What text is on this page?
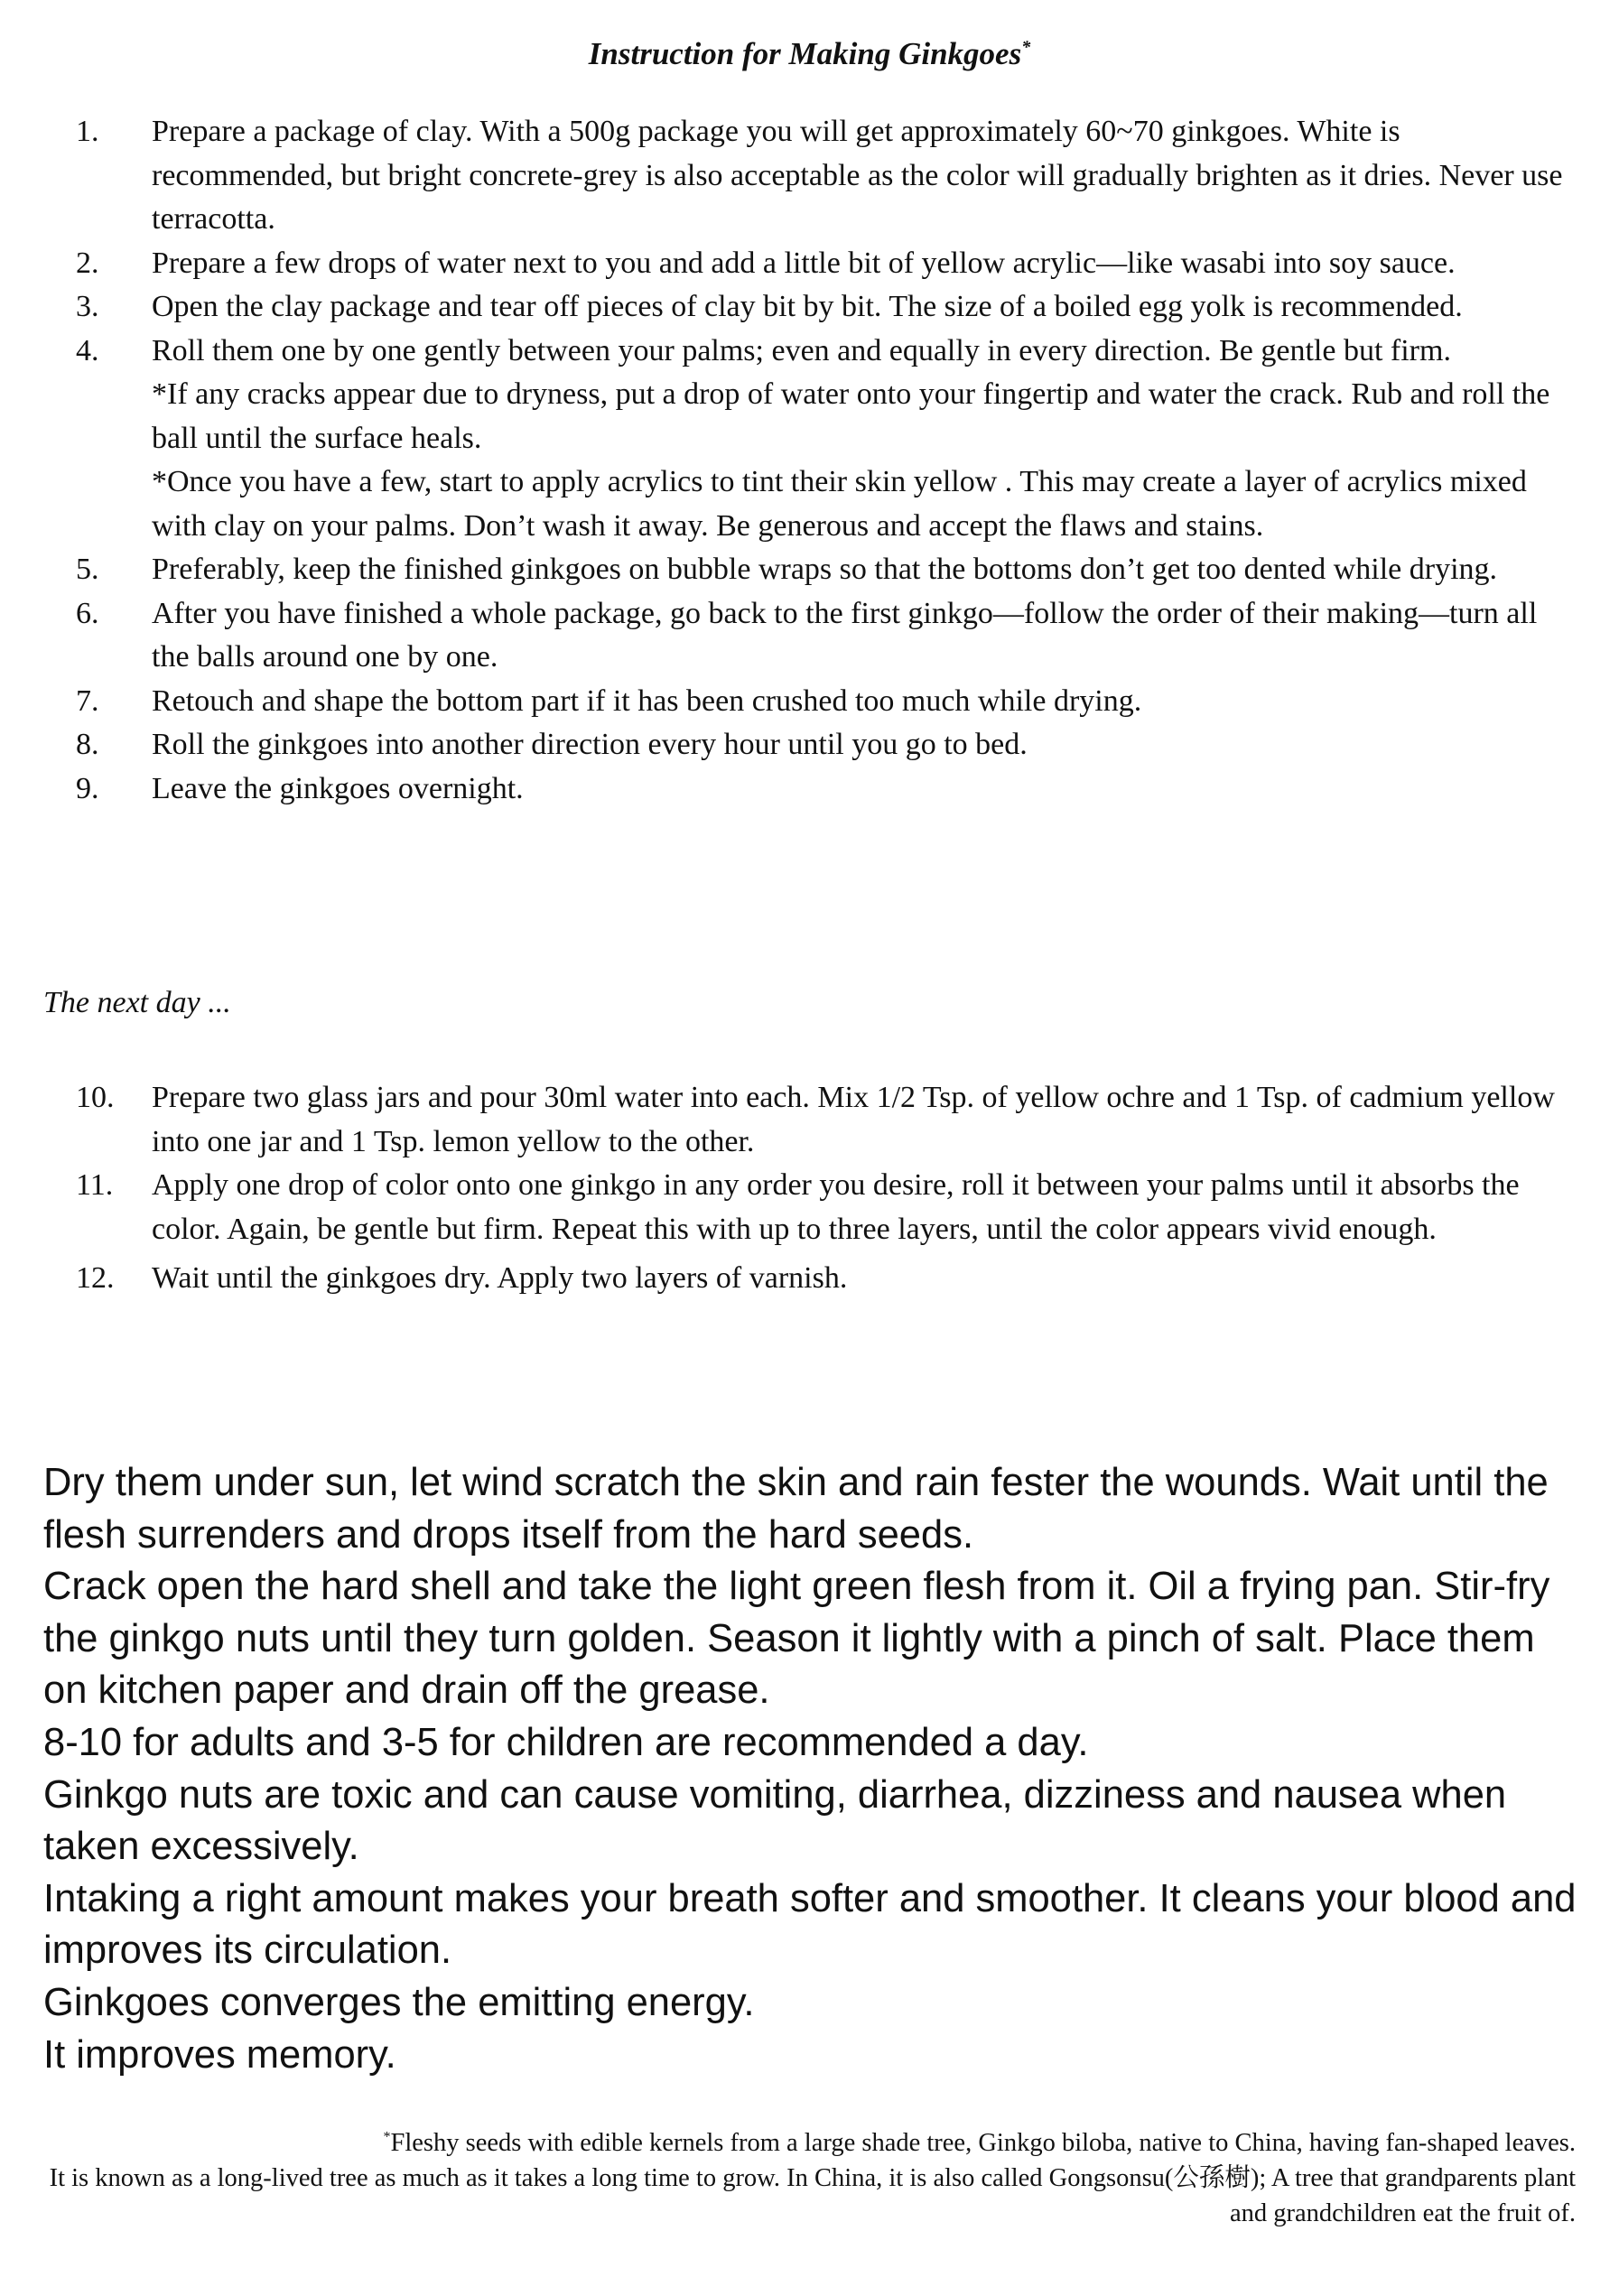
Instruction for Making Ginkgoes*
1. Prepare a package of clay. With a 500g package you will get approximately 60~70 ginkgoes. White is recommended, but bright concrete-grey is also acceptable as the color will gradually brighten as it dries. Never use terracotta.
2. Prepare a few drops of water next to you and add a little bit of yellow acrylic—like wasabi into soy sauce.
3. Open the clay package and tear off pieces of clay bit by bit. The size of a boiled egg yolk is recommended.
4. Roll them one by one gently between your palms; even and equally in every direction. Be gentle but firm.
*If any cracks appear due to dryness, put a drop of water onto your fingertip and water the crack. Rub and roll the ball until the surface heals.
*Once you have a few, start to apply acrylics to tint their skin yellow . This may create a layer of acrylics mixed with clay on your palms. Don’t wash it away. Be generous and accept the flaws and stains.
5. Preferably, keep the finished ginkgoes on bubble wraps so that the bottoms don’t get too dented while drying.
6. After you have finished a whole package, go back to the first ginkgo—follow the order of their making—turn all the balls around one by one.
7. Retouch and shape the bottom part if it has been crushed too much while drying.
8. Roll the ginkgoes into another direction every hour until you go to bed.
9. Leave the ginkgoes overnight.
The next day ...
10. Prepare two glass jars and pour 30ml water into each. Mix 1/2 Tsp. of yellow ochre and 1 Tsp. of cadmium yellow into one jar and 1 Tsp. lemon yellow to the other.
11. Apply one drop of color onto one ginkgo in any order you desire, roll it between your palms until it absorbs the color. Again, be gentle but firm. Repeat this with up to three layers, until the color appears vivid enough.
12. Wait until the ginkgoes dry. Apply two layers of varnish.

Dry them under sun, let wind scratch the skin and rain fester the wounds. Wait until the flesh surrenders and drops itself from the hard seeds.

Crack open the hard shell and take the light green flesh from it. Oil a frying pan. Stir-fry the ginkgo nuts until they turn golden. Season it lightly with a pinch of salt. Place them on kitchen paper and drain off the grease.

8-10 for adults and 3-5 for children are recommended a day.

Ginkgo nuts are toxic and can cause vomiting, diarrhea, dizziness and nausea when taken excessively.

Intaking a right amount makes your breath softer and smoother. It cleans your blood and improves its circulation.

Ginkgoes converges the emitting energy.

It improves memory.

*Fleshy seeds with edible kernels from a large shade tree, Ginkgo biloba, native to China, having fan-shaped leaves.

It is known as a long-lived tree as much as it takes a long time to grow. In China, it is also called Gongsonsu(公孫樹); A tree that grandparents plant and grandchildren eat the fruit of.
